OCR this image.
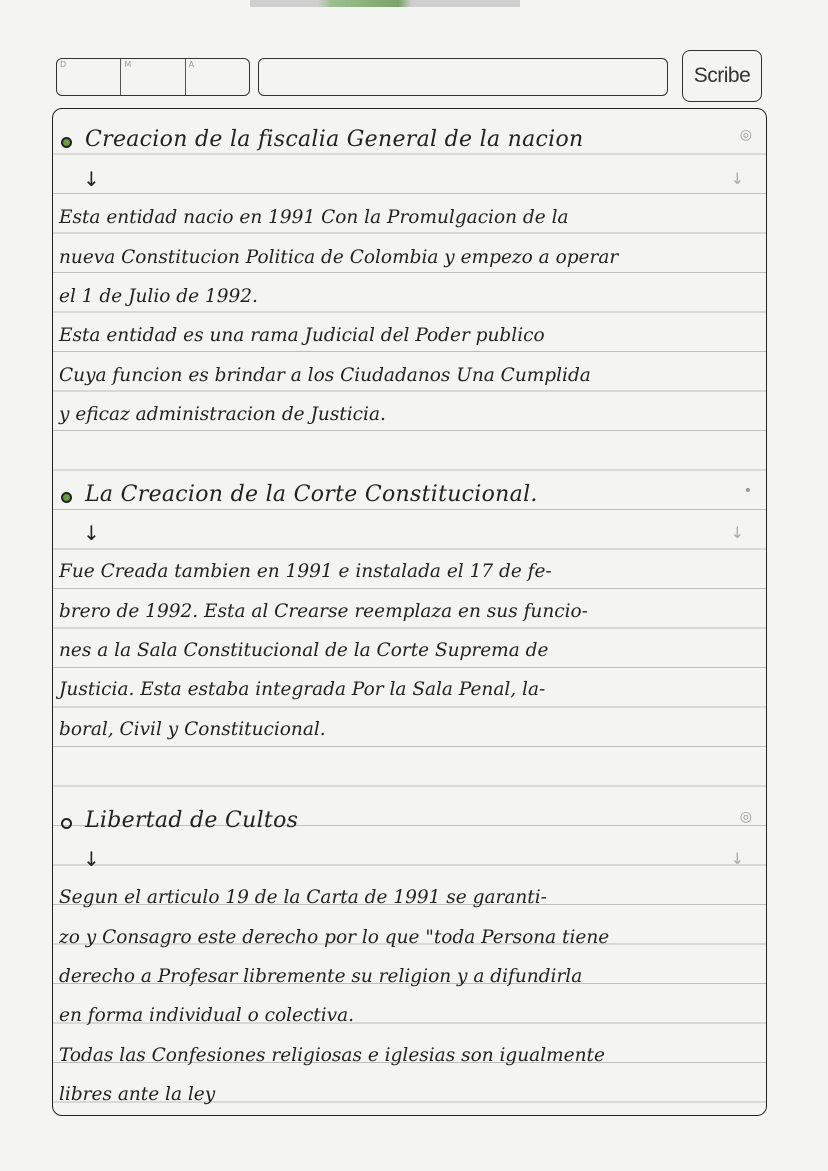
D	M	A	Scribe
Creacion de la fiscalia General de la nacion	◎
↓	↓
Esta entidad nacio en 1991 Con la Promulgacion de la
nueva Constitucion Politica de Colombia y empezo a operar
el 1 de Julio de 1992.
Esta entidad es una rama Judicial del Poder publico
Cuya funcion es brindar a los Ciudadanos Una Cumplida
y eficaz administracion de Justicia.
La Creacion de la Corte Constitucional.	•
↓	↓
Fue Creada tambien en 1991 e instalada el 17 de fe-
brero de 1992. Esta al Crearse reemplaza en sus funcio-
nes a la Sala Constitucional de la Corte Suprema de
Justicia. Esta estaba integrada Por la Sala Penal, la-
boral, Civil y Constitucional.
Libertad de Cultos	◎
↓	↓
Segun el articulo 19 de la Carta de 1991 se garanti-
zo y Consagro este derecho por lo que "toda Persona tiene
derecho a Profesar libremente su religion y a difundirla
en forma individual o colectiva.
Todas las Confesiones religiosas e iglesias son igualmente
libres ante la ley
